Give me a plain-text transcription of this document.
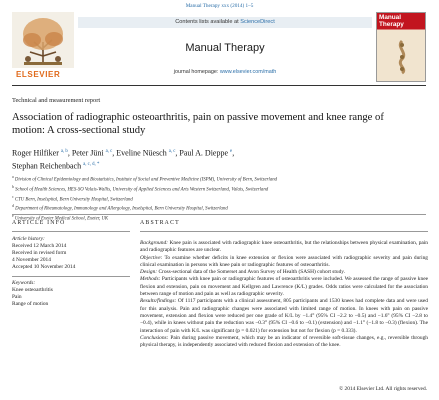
Manual Therapy xxx (2014) 1–5
ELSEVIER
Contents lists available at ScienceDirect
Manual Therapy
journal homepage: www.elsevier.com/math
Manual Therapy
Technical and measurement report
Association of radiographic osteoarthritis, pain on passive movement and knee range of motion: A cross-sectional study
Roger Hilfiker $^{a, b}$, Peter Jüni $^{a, c}$, Eveline Nüesch $^{a, c}$, Paul A. Dieppe $^e$,
Stephan Reichenbach $^{a, c, d, *}$
$^a$ Division of Clinical Epidemiology and Biostatistics, Institute of Social and Preventive Medicine (ISPM), University of Bern, Switzerland
$^b$ School of Health Sciences, HES-SO Valais-Wallis, University of Applied Sciences and Arts Western Switzerland, Valais, Switzerland
$^c$ CTU Bern, Inselspital, Bern University Hospital, Switzerland
$^d$ Department of Rheumatology, Immunology and Allergology, Inselspital, Bern University Hospital, Switzerland
$^e$ University of Exeter Medical School, Exeter, UK
ARTICLE INFO	ABSTRACT
Article history:
Received 12 March 2014
Received in revised form
4 November 2014
Accepted 10 November 2014
Keywords:
Knee osteoarthritis
Pain
Range of motion

Background: Knee pain is associated with radiographic knee osteoarthritis, but the relationships between physical examination, pain and radiographic features are unclear.

Objective: To examine whether deficits in knee extension or flexion were associated with radiographic severity and pain during clinical examination in persons with knee pain or radiographic features of osteoarthritis.

Design: Cross-sectional data of the Somerset and Avon Survey of Health (SASH) cohort study.

Methods: Participants with knee pain or radiographic features of osteoarthritis were included. We assessed the range of passive knee flexion and extension, pain on movement and Kellgren and Lawrence (K/L) grades. Odds ratios were calculated for the association between range of motion and pain as well as radiographic severity.

Results/findings: Of 1117 participants with a clinical assessment, 805 participants and 1530 knees had complete data and were used for this analysis. Pain and radiographic changes were associated with limited range of motion. In knees with pain on passive movement, extension and flexion were reduced per one grade of K/L by −1.4° (95% CI −2.2 to −0.5) and −1.6° (95% CI −2.8 to −0.4), while in knees without pain the reduction was −0.3° (95% CI −0.6 to −0.1) (extension) and −1.1° (−1.8 to −0.3) (flexion). The interaction of pain with K/L was significant (p = 0.021) for extension but not for flexion (p = 0.333).

Conclusions: Pain during passive movement, which may be an indicator of reversible soft-tissue changes, e.g., reversible through physical therapy, is independently associated with reduced flexion and extension of the knee.

© 2014 Elsevier Ltd. All rights reserved.
